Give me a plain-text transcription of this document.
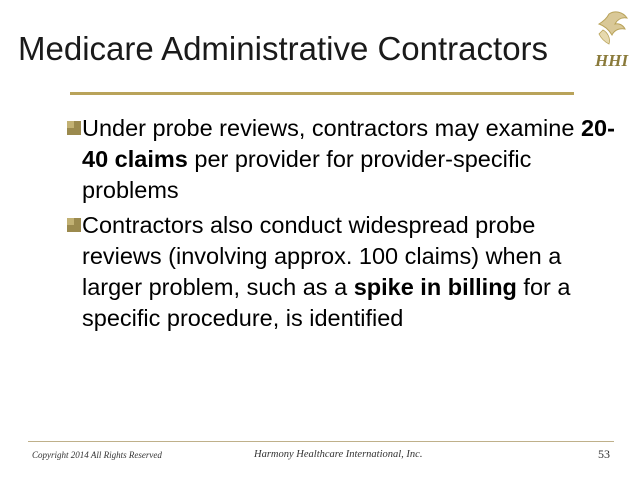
Medicare Administrative Contractors	HHI
Under probe reviews, contractors may examine 20-40 claims per provider for provider-specific problems
Contractors also conduct widespread probe reviews (involving approx. 100 claims) when a larger problem, such as a spike in billing for a specific procedure, is identified
Copyright 2014 All Rights Reserved	Harmony Healthcare International, Inc.	53
